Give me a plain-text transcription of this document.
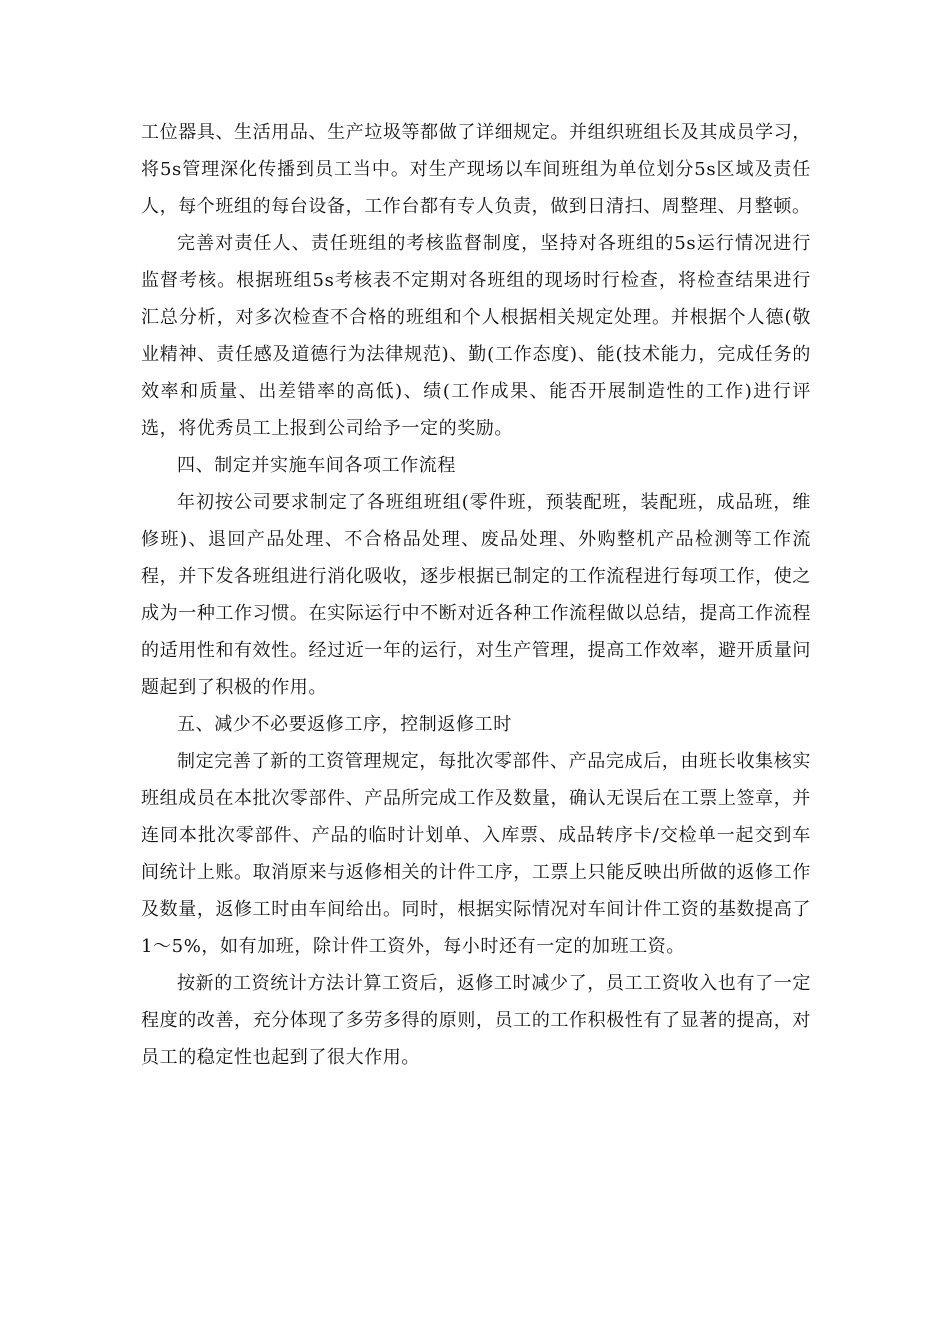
工位器具、生活用品、生产垃圾等都做了详细规定。并组织班组长及其成员学习，将5s管理深化传播到员工当中。对生产现场以车间班组为单位划分5s区域及责任人，每个班组的每台设备，工作台都有专人负责，做到日清扫、周整理、月整顿。

完善对责任人、责任班组的考核监督制度，坚持对各班组的5s运行情况进行监督考核。根据班组5s考核表不定期对各班组的现场时行检查，将检查结果进行汇总分析，对多次检查不合格的班组和个人根据相关规定处理。并根据个人德(敬业精神、责任感及道德行为法律规范)、勤(工作态度)、能(技术能力，完成任务的效率和质量、出差错率的高低)、绩(工作成果、能否开展制造性的工作)进行评选，将优秀员工上报到公司给予一定的奖励。

四、制定并实施车间各项工作流程

年初按公司要求制定了各班组班组(零件班，预装配班，装配班，成品班，维修班)、退回产品处理、不合格品处理、废品处理、外购整机产品检测等工作流程，并下发各班组进行消化吸收，逐步根据已制定的工作流程进行每项工作，使之成为一种工作习惯。在实际运行中不断对近各种工作流程做以总结，提高工作流程的适用性和有效性。经过近一年的运行，对生产管理，提高工作效率，避开质量问题起到了积极的作用。

五、减少不必要返修工序，控制返修工时

制定完善了新的工资管理规定，每批次零部件、产品完成后，由班长收集核实班组成员在本批次零部件、产品所完成工作及数量，确认无误后在工票上签章，并连同本批次零部件、产品的临时计划单、入库票、成品转序卡/交检单一起交到车间统计上账。取消原来与返修相关的计件工序，工票上只能反映出所做的返修工作及数量，返修工时由车间给出。同时，根据实际情况对车间计件工资的基数提高了1～5%，如有加班，除计件工资外，每小时还有一定的加班工资。

按新的工资统计方法计算工资后，返修工时减少了，员工工资收入也有了一定程度的改善，充分体现了多劳多得的原则，员工的工作积极性有了显著的提高，对员工的稳定性也起到了很大作用。
